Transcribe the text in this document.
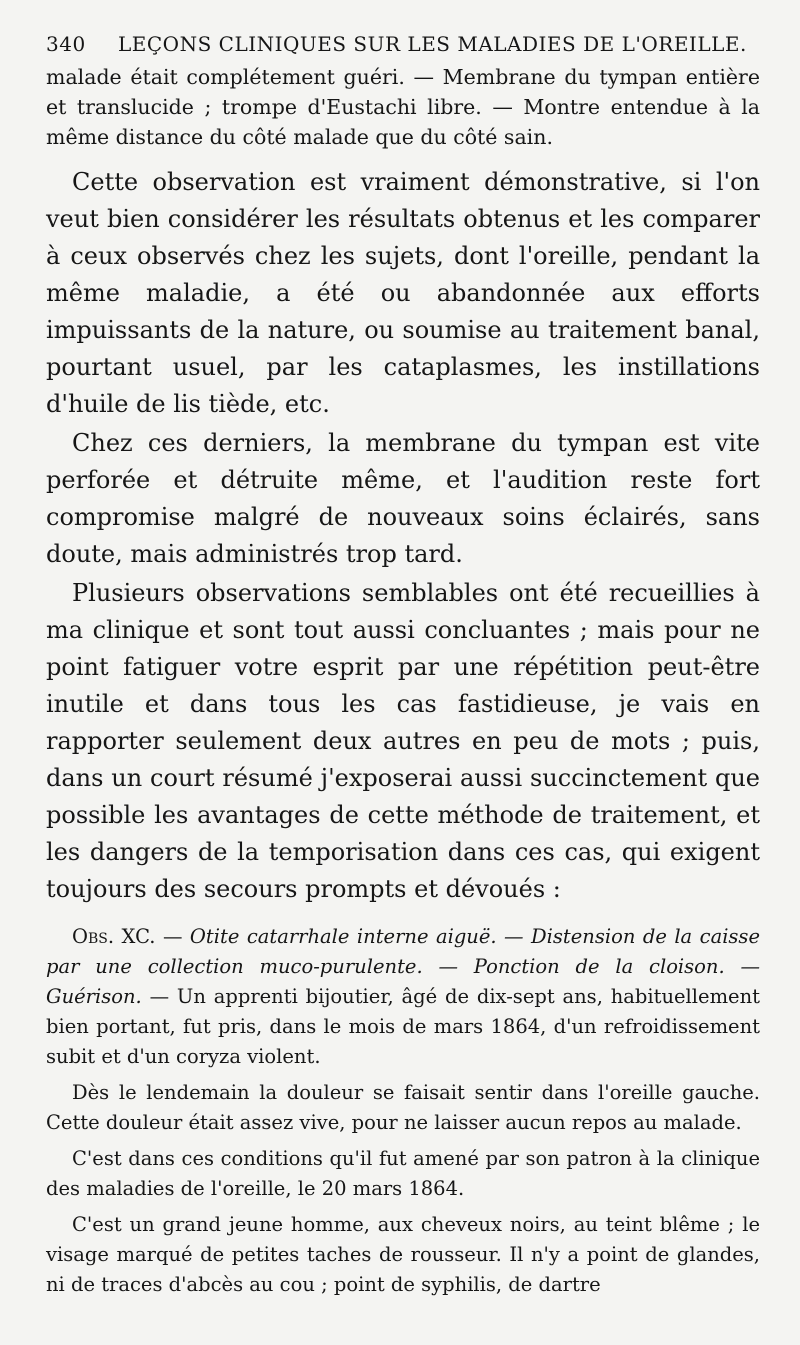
340	LEÇONS CLINIQUES SUR LES MALADIES DE L'OREILLE.

malade était complétement guéri. — Membrane du tympan entière et translucide ; trompe d'Eustachi libre. — Montre entendue à la même distance du côté malade que du côté sain.

Cette observation est vraiment démonstrative, si l'on veut bien considérer les résultats obtenus et les comparer à ceux observés chez les sujets, dont l'oreille, pendant la même maladie, a été ou abandonnée aux efforts impuissants de la nature, ou soumise au traitement banal, pourtant usuel, par les cataplasmes, les instillations d'huile de lis tiède, etc.

Chez ces derniers, la membrane du tympan est vite perforée et détruite même, et l'audition reste fort compromise malgré de nouveaux soins éclairés, sans doute, mais administrés trop tard.

Plusieurs observations semblables ont été recueillies à ma clinique et sont tout aussi concluantes ; mais pour ne point fatiguer votre esprit par une répétition peut-être inutile et dans tous les cas fastidieuse, je vais en rapporter seulement deux autres en peu de mots ; puis, dans un court résumé j'exposerai aussi succinctement que possible les avantages de cette méthode de traitement, et les dangers de la temporisation dans ces cas, qui exigent toujours des secours prompts et dévoués :

Obs. XC. — Otite catarrhale interne aiguë. — Distension de la caisse par une collection muco-purulente. — Ponction de la cloison. — Guérison. — Un apprenti bijoutier, âgé de dix-sept ans, habituellement bien portant, fut pris, dans le mois de mars 1864, d'un refroidissement subit et d'un coryza violent.

Dès le lendemain la douleur se faisait sentir dans l'oreille gauche. Cette douleur était assez vive, pour ne laisser aucun repos au malade.

C'est dans ces conditions qu'il fut amené par son patron à la clinique des maladies de l'oreille, le 20 mars 1864.

C'est un grand jeune homme, aux cheveux noirs, au teint blême ; le visage marqué de petites taches de rousseur. Il n'y a point de glandes, ni de traces d'abcès au cou ; point de syphilis, de dartre
